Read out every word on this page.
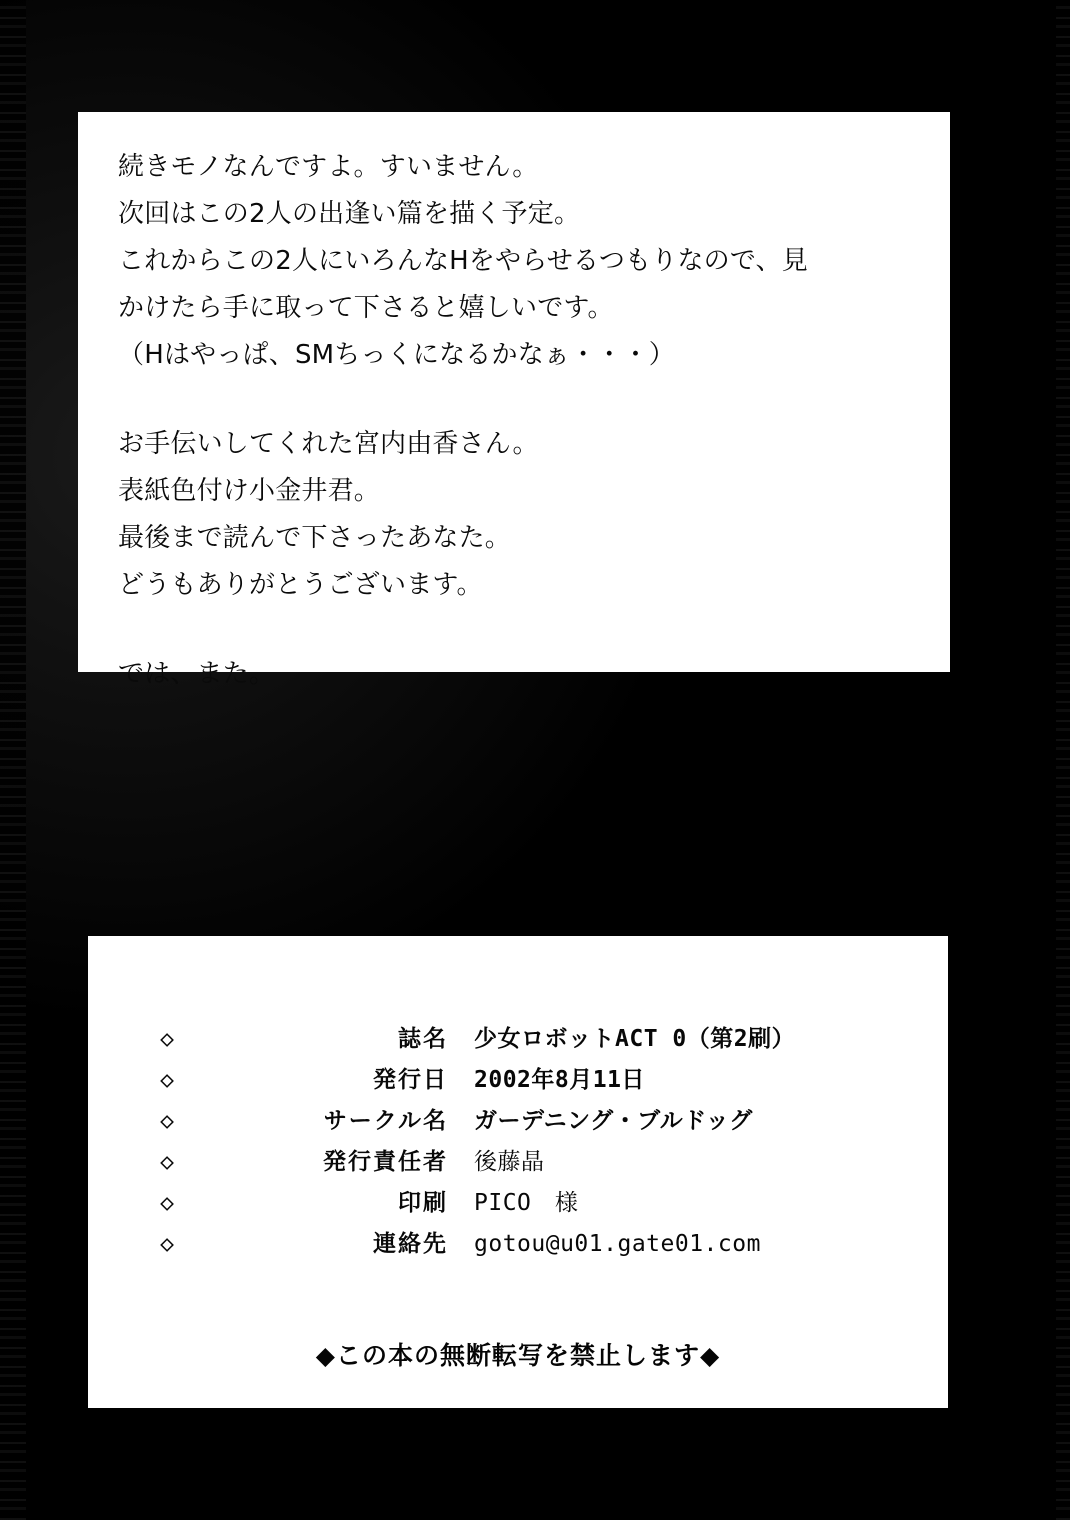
続きモノなんですよ。すいません。
次回はこの2人の出逢い篇を描く予定。
これからこの2人にいろんなHをやらせるつもりなので、見
かけたら手に取って下さると嬉しいです。
（Hはやっぱ、SMちっくになるかなぁ・・・）
お手伝いしてくれた宮内由香さん。
表紙色付け小金井君。
最後まで読んで下さったあなた。
どうもありがとうございます。
では、また。
◇	誌名	少女ロボットACT 0（第2刷）
◇	発行日	2002年8月11日
◇	サークル名	ガーデニング・ブルドッグ
◇	発行責任者	後藤晶
◇	印刷	PICO　様
◇	連絡先	gotou@u01.gate01.com
◆この本の無断転写を禁止します◆
